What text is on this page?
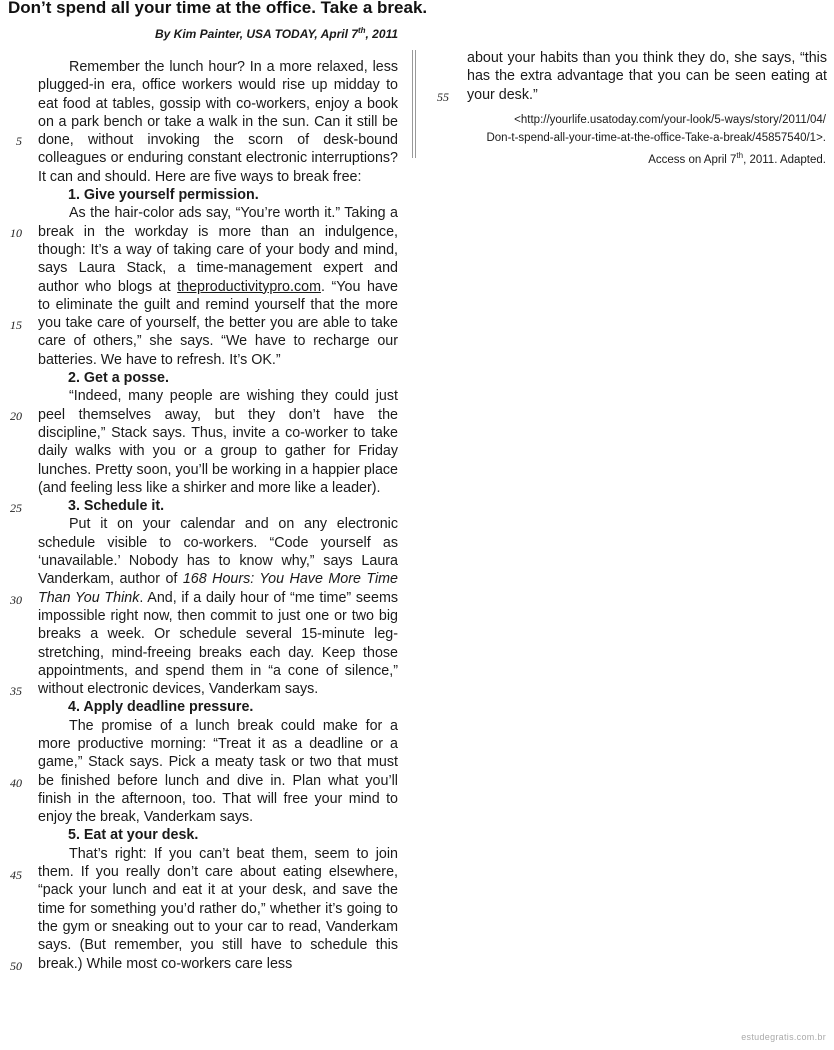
Don’t spend all your time at the office. Take a break.
By Kim Painter, USA TODAY, April 7th, 2011

Remember the lunch hour? In a more relaxed, less plugged-in era, office workers would rise up midday to eat food at tables, gossip with co-workers, enjoy a book on a park bench or take a walk in the sun. Can it still be done, without invoking the scorn of desk-bound colleagues or enduring constant electronic interruptions? It can and should. Here are five ways to break free:

1. Give yourself permission.

As the hair-color ads say, “You’re worth it.” Taking a break in the workday is more than an indulgence, though: It’s a way of taking care of your body and mind, says Laura Stack, a time-management expert and author who blogs at theproductivitypro.com. “You have to eliminate the guilt and remind yourself that the more you take care of yourself, the better you are able to take care of others,” she says. “We have to recharge our batteries. We have to refresh. It’s OK.”

2. Get a posse.

“Indeed, many people are wishing they could just peel themselves away, but they don’t have the discipline,” Stack says. Thus, invite a co-worker to take daily walks with you or a group to gather for Friday lunches. Pretty soon, you’ll be working in a happier place (and feeling less like a shirker and more like a leader).

3. Schedule it.

Put it on your calendar and on any electronic schedule visible to co-workers. “Code yourself as ‘unavailable.’ Nobody has to know why,” says Laura Vanderkam, author of 168 Hours: You Have More Time Than You Think. And, if a daily hour of “me time” seems impossible right now, then commit to just one or two big breaks a week. Or schedule several 15-minute leg-stretching, mind-freeing breaks each day. Keep those appointments, and spend them in “a cone of silence,” without electronic devices, Vanderkam says.

4. Apply deadline pressure.

The promise of a lunch break could make for a more productive morning: “Treat it as a deadline or a game,” Stack says. Pick a meaty task or two that must be finished before lunch and dive in. Plan what you’ll finish in the afternoon, too. That will free your mind to enjoy the break, Vanderkam says.

5. Eat at your desk.

That’s right: If you can’t beat them, seem to join them. If you really don’t care about eating elsewhere, “pack your lunch and eat it at your desk, and save the time for something you’d rather do,” whether it’s going to the gym or sneaking out to your car to read, Vanderkam says. (But remember, you still have to schedule this break.) While most co-workers care less

about your habits than you think they do, she says, “this has the extra advantage that you can be seen eating at your desk.”

<http://yourlife.usatoday.com/your-look/5-ways/story/2011/04/
Don-t-spend-all-your-time-at-the-office-Take-a-break/45857540/1>.
Access on April 7th, 2011. Adapted.
5
10
15
20
25
30
35
40
45
50
55
estudegratis.com.br
